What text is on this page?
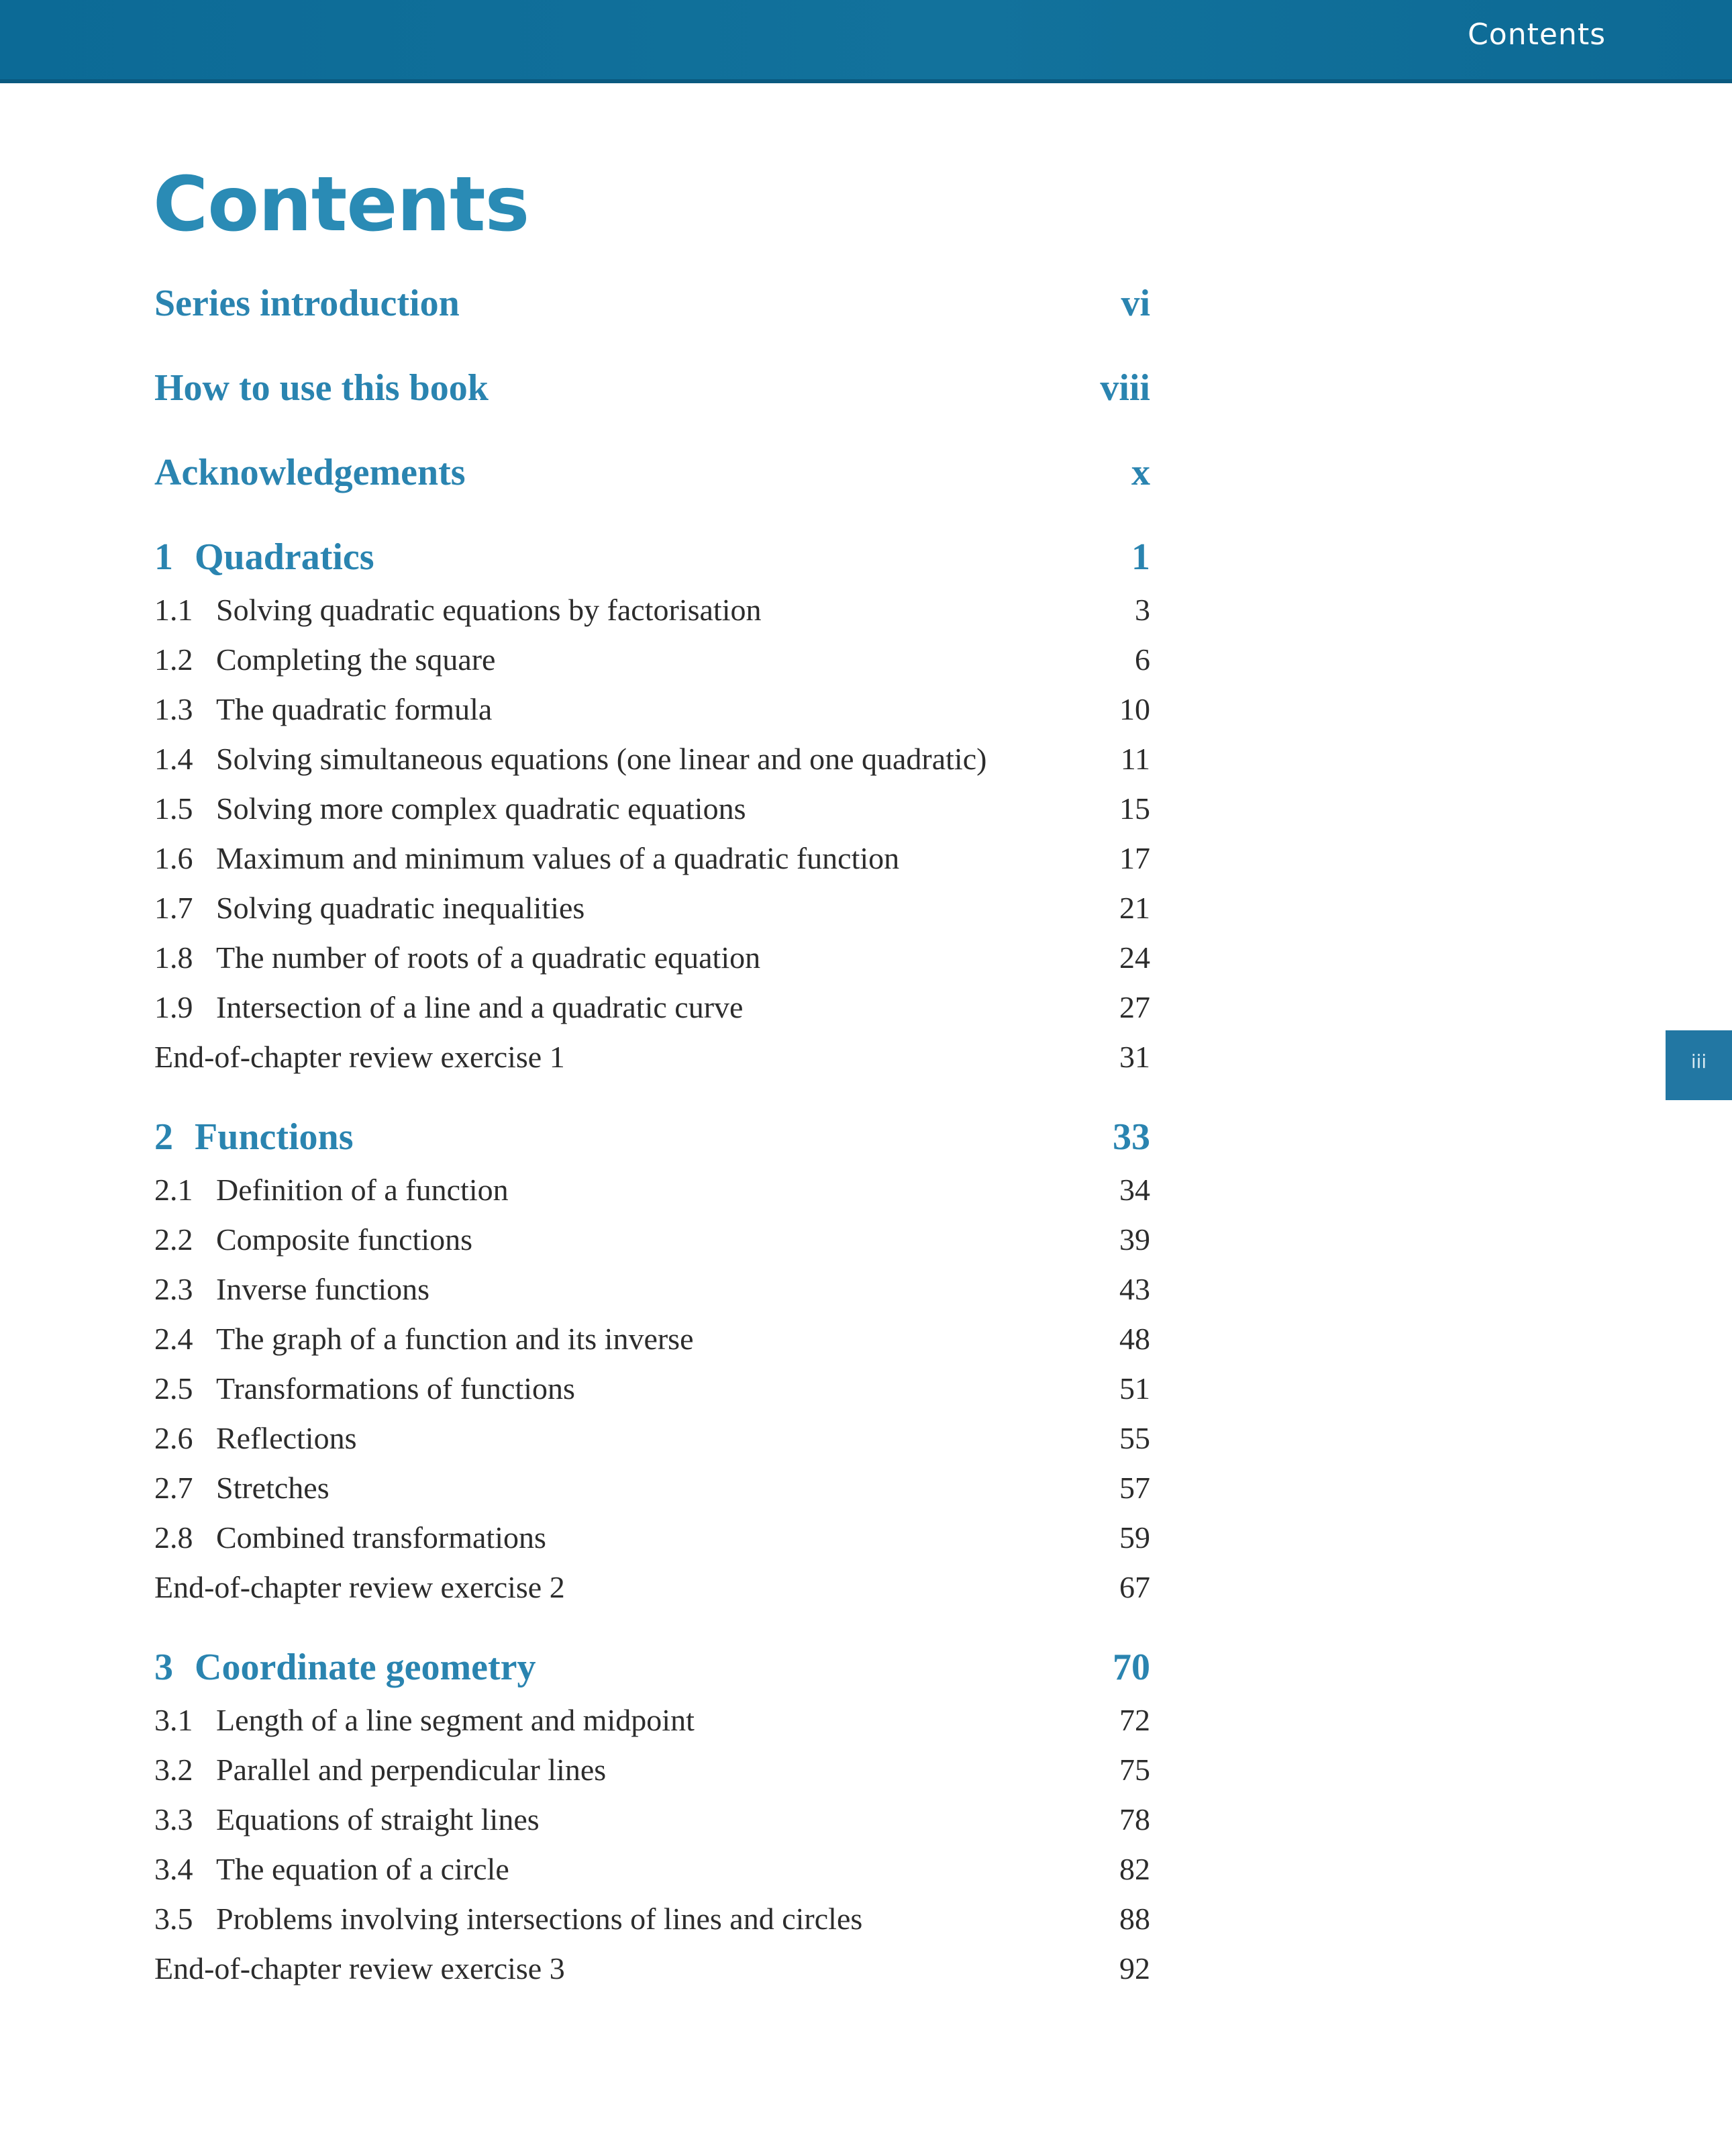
Contents
Contents
Series introduction	vi
How to use this book	viii
Acknowledgements	x
1 Quadratics	1
1.1 Solving quadratic equations by factorisation	3
1.2 Completing the square	6
1.3 The quadratic formula	10
1.4 Solving simultaneous equations (one linear and one quadratic)	11
1.5 Solving more complex quadratic equations	15
1.6 Maximum and minimum values of a quadratic function	17
1.7 Solving quadratic inequalities	21
1.8 The number of roots of a quadratic equation	24
1.9 Intersection of a line and a quadratic curve	27
End-of-chapter review exercise 1	31
2 Functions	33
2.1 Definition of a function	34
2.2 Composite functions	39
2.3 Inverse functions	43
2.4 The graph of a function and its inverse	48
2.5 Transformations of functions	51
2.6 Reflections	55
2.7 Stretches	57
2.8 Combined transformations	59
End-of-chapter review exercise 2	67
3 Coordinate geometry	70
3.1 Length of a line segment and midpoint	72
3.2 Parallel and perpendicular lines	75
3.3 Equations of straight lines	78
3.4 The equation of a circle	82
3.5 Problems involving intersections of lines and circles	88
End-of-chapter review exercise 3	92
iii
